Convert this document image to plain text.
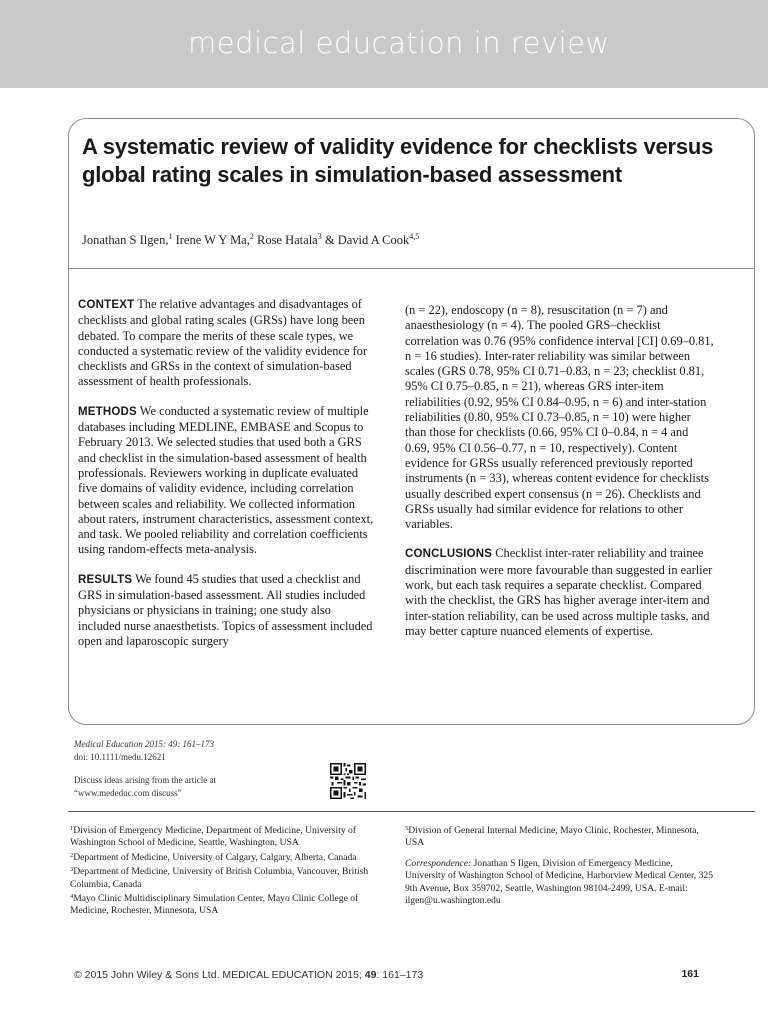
medical education in review
A systematic review of validity evidence for checklists versus global rating scales in simulation-based assessment
Jonathan S Ilgen,$^1$ Irene W Y Ma,$^2$ Rose Hatala$^3$ & David A Cook$^{4,5}$

CONTEXT The relative advantages and disadvantages of checklists and global rating scales (GRSs) have long been debated. To compare the merits of these scale types, we conducted a systematic review of the validity evidence for checklists and GRSs in the context of simulation-based assessment of health professionals.

METHODS We conducted a systematic review of multiple databases including MEDLINE, EMBASE and Scopus to February 2013. We selected studies that used both a GRS and checklist in the simulation-based assessment of health professionals. Reviewers working in duplicate evaluated five domains of validity evidence, including correlation between scales and reliability. We collected information about raters, instrument characteristics, assessment context, and task. We pooled reliability and correlation coefficients using random-effects meta-analysis.

RESULTS We found 45 studies that used a checklist and GRS in simulation-based assessment. All studies included physicians or physicians in training; one study also included nurse anaesthetists. Topics of assessment included open and laparoscopic surgery

(n = 22), endoscopy (n = 8), resuscitation (n = 7) and anaesthesiology (n = 4). The pooled GRS–checklist correlation was 0.76 (95% confidence interval [CI] 0.69–0.81, n = 16 studies). Inter-rater reliability was similar between scales (GRS 0.78, 95% CI 0.71–0.83, n = 23; checklist 0.81, 95% CI 0.75–0.85, n = 21), whereas GRS inter-item reliabilities (0.92, 95% CI 0.84–0.95, n = 6) and inter-station reliabilities (0.80, 95% CI 0.73–0.85, n = 10) were higher than those for checklists (0.66, 95% CI 0–0.84, n = 4 and 0.69, 95% CI 0.56–0.77, n = 10, respectively). Content evidence for GRSs usually referenced previously reported instruments (n = 33), whereas content evidence for checklists usually described expert consensus (n = 26). Checklists and GRSs usually had similar evidence for relations to other variables.

CONCLUSIONS Checklist inter-rater reliability and trainee discrimination were more favourable than suggested in earlier work, but each task requires a separate checklist. Compared with the checklist, the GRS has higher average inter-item and inter-station reliability, can be used across multiple tasks, and may better capture nuanced elements of expertise.

Medical Education 2015: 49: 161–173
doi: 10.1111/medu.12621
Discuss ideas arising from the article at
“www.mededuc.com discuss”

$^1$Division of Emergency Medicine, Department of Medicine, University of Washington School of Medicine, Seattle, Washington, USA

$^2$Department of Medicine, University of Calgary, Calgary, Alberta, Canada

$^3$Department of Medicine, University of British Columbia, Vancouver, British Columbia, Canada

$^4$Mayo Clinic Multidisciplinary Simulation Center, Mayo Clinic College of Medicine, Rochester, Minnesota, USA

$^5$Division of General Internal Medicine, Mayo Clinic, Rochester, Minnesota, USA

Correspondence: Jonathan S Ilgen, Division of Emergency Medicine, University of Washington School of Medicine, Harborview Medical Center, 325 9th Avenue, Box 359702, Seattle, Washington 98104-2499, USA. E-mail: ilgen@u.washington.edu

© 2015 John Wiley & Sons Ltd. MEDICAL EDUCATION 2015; 49: 161–173	161
